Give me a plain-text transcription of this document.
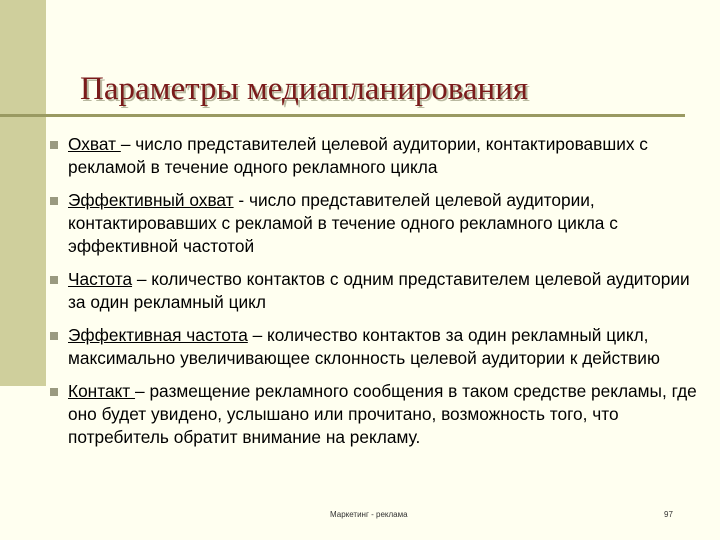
Параметры медиапланирования
Охват – число представителей целевой аудитории, контактировавших с рекламой в течение одного рекламного цикла
Эффективный охват - число представителей целевой аудитории, контактировавших с рекламой в течение одного рекламного цикла с эффективной частотой
Частота – количество контактов с одним представителем целевой аудитории за один рекламный цикл
Эффективная частота – количество контактов за один рекламный цикл, максимально увеличивающее склонность целевой аудитории к действию
Контакт – размещение рекламного сообщения в таком средстве рекламы, где оно будет увидено, услышано или прочитано, возможность того, что потребитель обратит внимание на рекламу.
Маркетинг - реклама	97
